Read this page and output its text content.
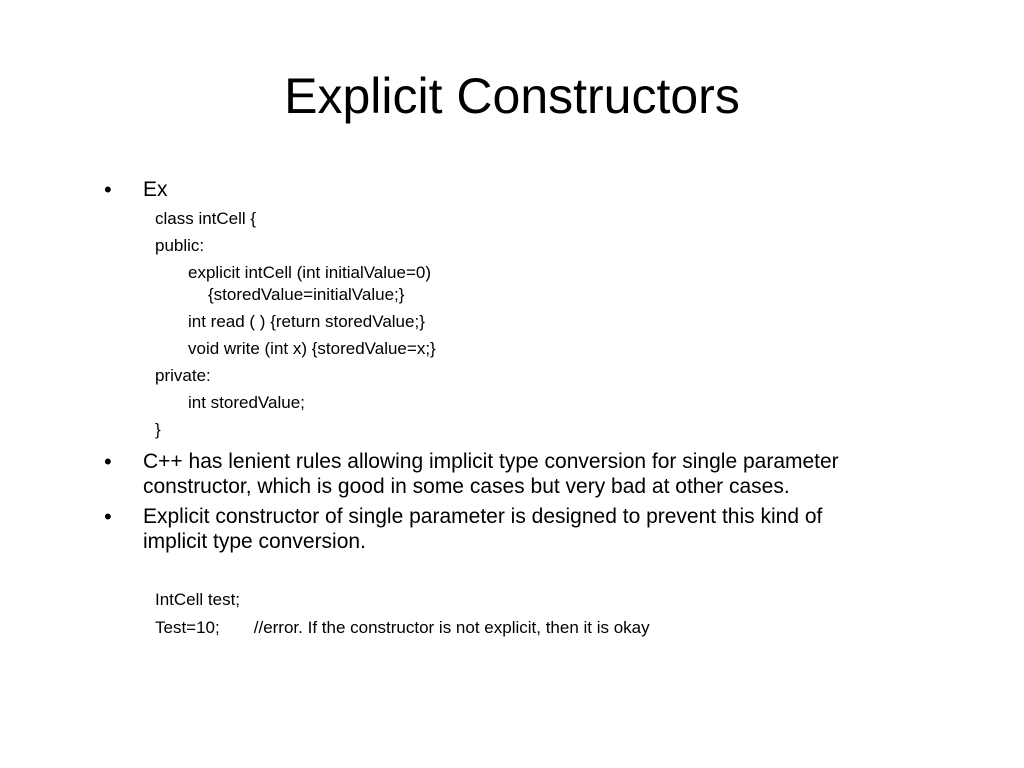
Explicit Constructors
• Ex
class intCell {
public:
explicit intCell (int initialValue=0)
{storedValue=initialValue;}
int read ( ) {return storedValue;}
void write (int x) {storedValue=x;}
private:
int storedValue;
}
• C++ has lenient rules allowing implicit type conversion for single parameter
constructor, which is good in some cases but very bad at other cases.
• Explicit constructor of single parameter is designed to prevent this kind of
implicit type conversion.
IntCell test;
Test=10; //error. If the constructor is not explicit, then it is okay
